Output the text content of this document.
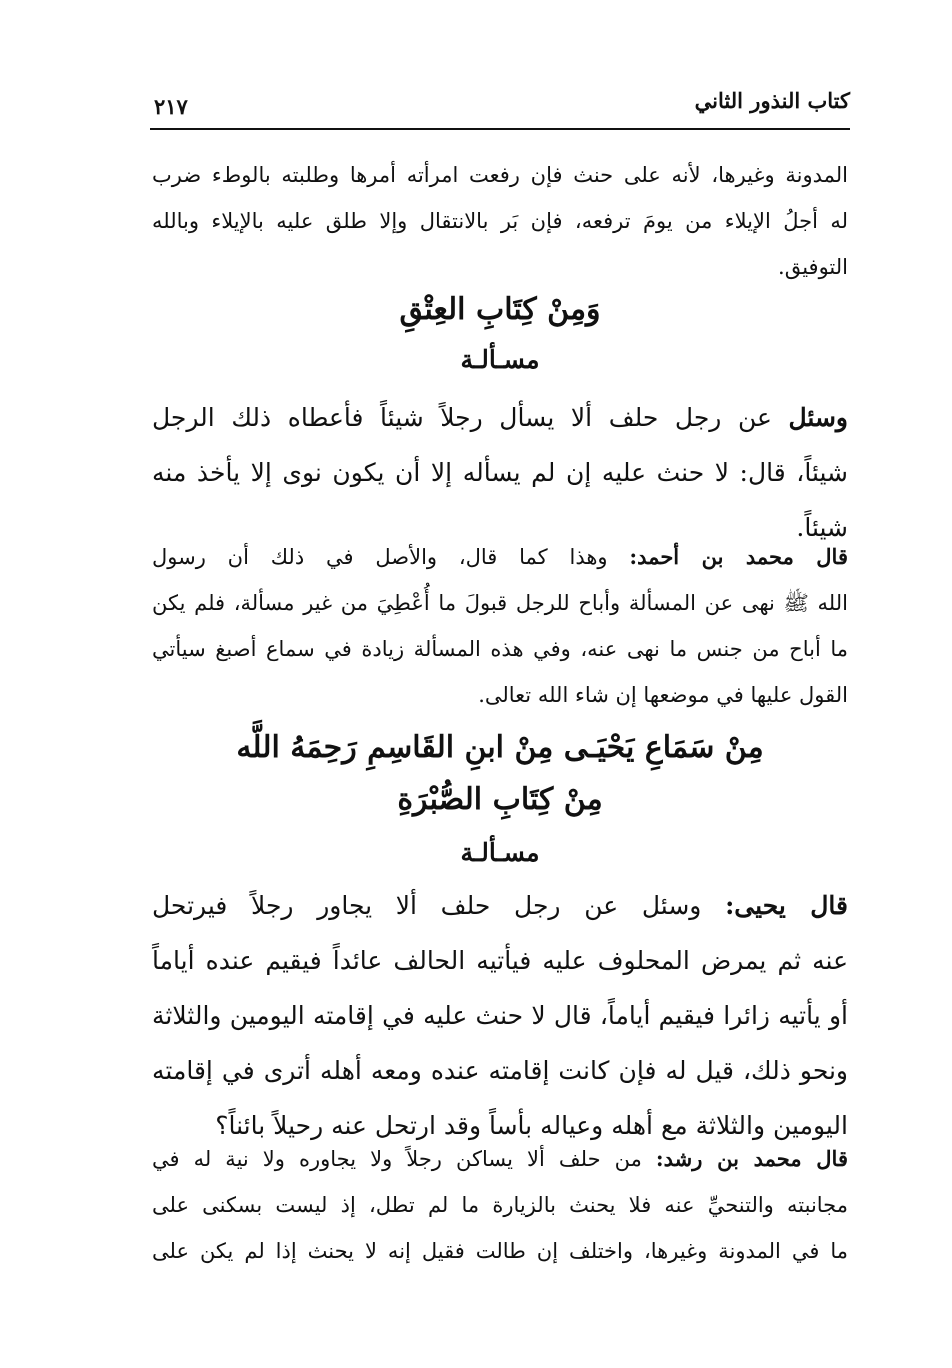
كتاب النذور الثاني
٢١٧
المدونة وغيرها، لأنه على حنث فإن رفعت امرأته أمرها وطلبته بالوطء ضرب
له أجلُ الإيلاء من يومَ ترفعه، فإن بَر بالانتقال وإلا طلق عليه بالإيلاء وبالله
التوفيق.
وَمِنْ كِتَابِ العِتْقِ
مسـألـة
وسئل عن رجل حلف ألا يسأل رجلاً شيئاً فأعطاه ذلك الرجل
شيئاً، قال: لا حنث عليه إن لم يسأله إلا أن يكون نوى إلا يأخذ منه
شيئاً.
قال محمد بن أحمد: وهذا كما قال، والأصل في ذلك أن رسول
الله ﷺ نهى عن المسألة وأباح للرجل قبولَ ما أُعْطِيَ من غير مسألة، فلم يكن
ما أباح من جنس ما نهى عنه، وفي هذه المسألة زيادة في سماع أصبغ سيأتي
القول عليها في موضعها إن شاء الله تعالى.
مِنْ سَمَاعِ يَحْيَـى مِنْ ابنِ القَاسِمِ رَحِمَهُ اللَّه
مِنْ كِتَابِ الصُّبْرَةِ
مسـألـة
قال يحيى: وسئل عن رجل حلف ألا يجاور رجلاً فيرتحل
عنه ثم يمرض المحلوف عليه فيأتيه الحالف عائداً فيقيم عنده أياماً
أو يأتيه زائرا فيقيم أياماً، قال لا حنث عليه في إقامته اليومين والثلاثة
ونحو ذلك، قيل له فإن كانت إقامته عنده ومعه أهله أترى في إقامته
اليومين والثلاثة مع أهله وعياله بأساً وقد ارتحل عنه رحيلاً بائناً؟
قال محمد بن رشد: من حلف ألا يساكن رجلاً ولا يجاوره ولا نية له في
مجانبته والتنحيِّ عنه فلا يحنث بالزيارة ما لم تطل، إذ ليست بسكنى على
ما في المدونة وغيرها، واختلف إن طالت فقيل إنه لا يحنث إذا لم يكن على
